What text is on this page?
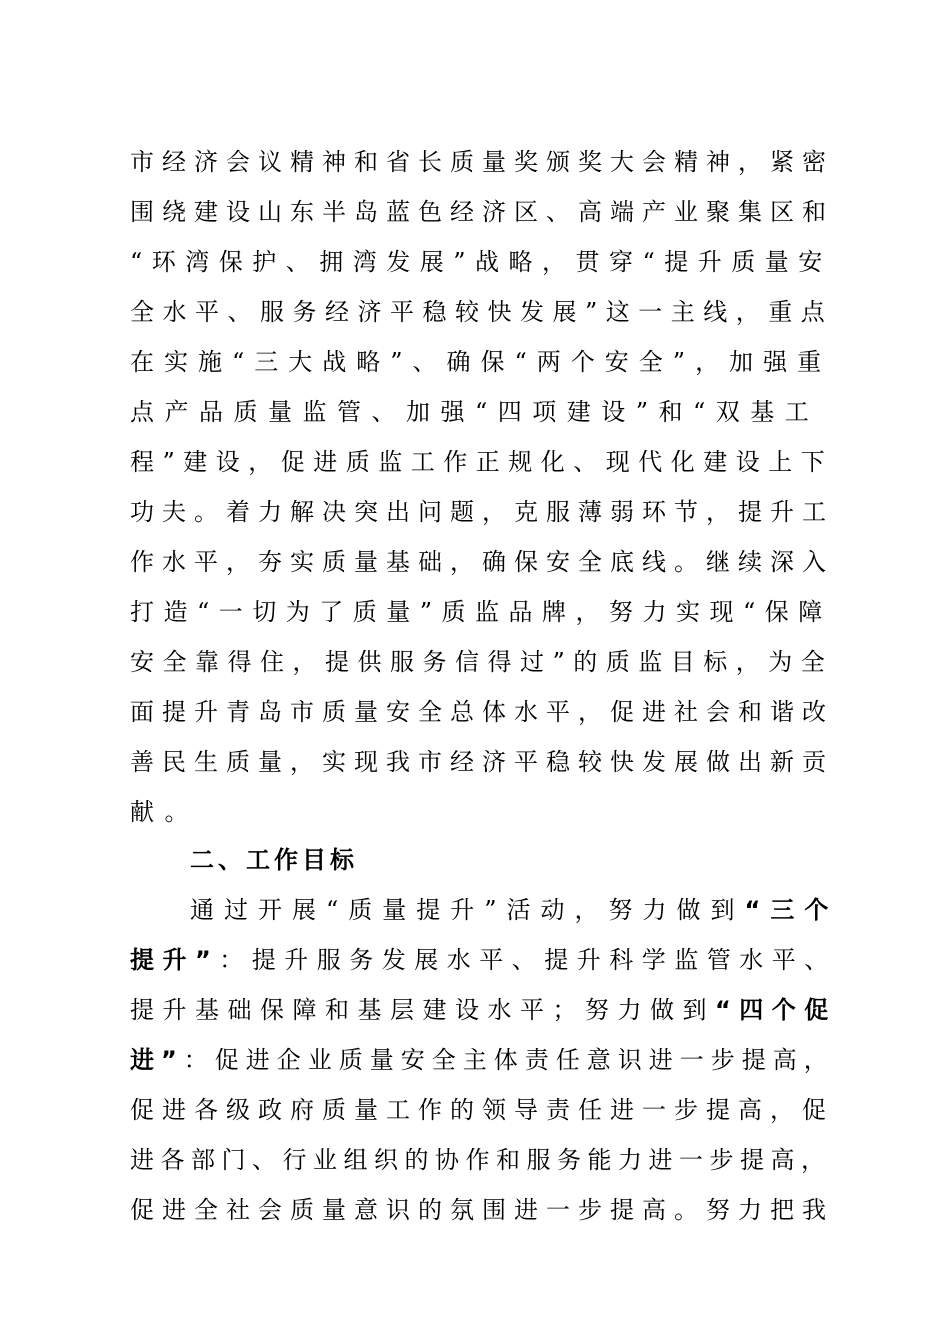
市经济会议精神和省长质量奖颁奖大会精神，紧密
围绕建设山东半岛蓝色经济区、高端产业聚集区和
“环湾保护、拥湾发展”战略，贯穿“提升质量安
全水平、服务经济平稳较快发展”这一主线，重点
在实施“三大战略”、确保“两个安全”，加强重
点产品质量监管、加强“四项建设”和“双基工
程”建设，促进质监工作正规化、现代化建设上下
功夫。着力解决突出问题，克服薄弱环节，提升工
作水平，夯实质量基础，确保安全底线。继续深入
打造“一切为了质量”质监品牌，努力实现“保障
安全靠得住，提供服务信得过”的质监目标，为全
面提升青岛市质量安全总体水平，促进社会和谐改
善民生质量，实现我市经济平稳较快发展做出新贡
献。
二、工作目标
通过开展“质量提升”活动，努力做到“三个
提升”：提升服务发展水平、提升科学监管水平、
提升基础保障和基层建设水平；努力做到“四个促
进”：促进企业质量安全主体责任意识进一步提高，
促进各级政府质量工作的领导责任进一步提高，促
进各部门、行业组织的协作和服务能力进一步提高，
促进全社会质量意识的氛围进一步提高。努力把我
